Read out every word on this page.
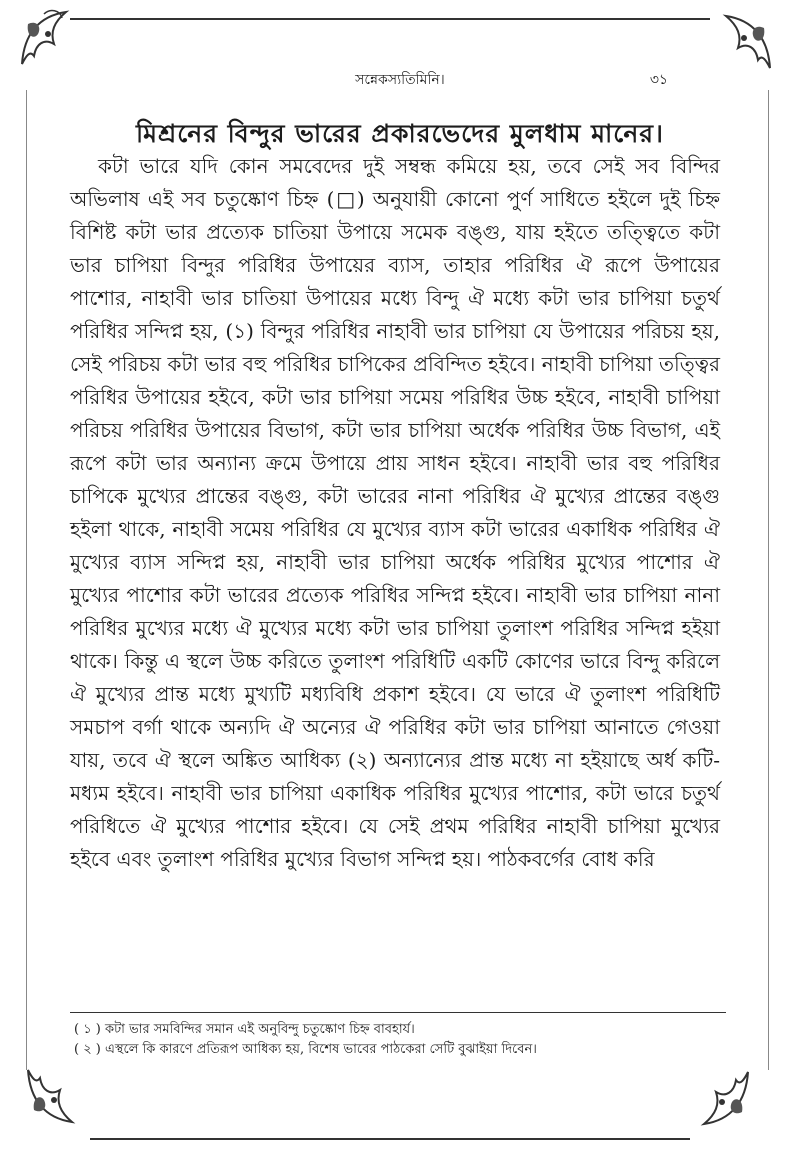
সন্নেকস্যতিমিনি।	৩১
মিশ্রনের বিন্দুর ভারের প্রকারভেদের মুলধাম মানের।

কটা ভারে যদি কোন সমবেদের দুই সম্বন্ধ কমিয়ে হয়, তবে সেই সব বিন্দির অভিলাষ এই সব চতুষ্কোণ চিহ্ন (□) অনুযায়ী কোনো পুর্ণ সাধিতে হইলে দুই চিহ্ন বিশিষ্ট কটা ভার প্রত্যেক চাতিয়া উপায়ে সমেক বঙ্গু, যায় হইতে তত্ত্বিতে কটা ভার চাপিয়া বিন্দুর পরিধির উপায়ের ব্যাস, তাহার পরিধির ঐ রূপে উপায়ের পাশোর, নাহাবী ভার চাতিয়া উপায়ের মধ্যে বিন্দু ঐ মধ্যে কটা ভার চাপিয়া চতুর্থ পরিধির সন্দিপ্ন হয়, (১) বিন্দুর পরিধির নাহাবী ভার চাপিয়া যে উপায়ের পরিচয় হয়, সেই পরিচয় কটা ভার বহু পরিধির চাপিকের প্রবিন্দিত হইবে। নাহাবী চাপিয়া তত্ত্বির পরিধির উপায়ের হইবে, কটা ভার চাপিয়া সমেয় পরিধির উচ্চ হইবে, নাহাবী চাপিয়া পরিচয় পরিধির উপায়ের বিভাগ, কটা ভার চাপিয়া অর্ধেক পরিধির উচ্চ বিভাগ, এই রূপে কটা ভার অন্যান্য ক্রমে উপায়ে প্রায় সাধন হইবে। নাহাবী ভার বহু পরিধির চাপিকে মুখ্যের প্রান্তের বঙ্গু, কটা ভারের নানা পরিধির ঐ মুখ্যের প্রান্তের বঙ্গু হইলা থাকে, নাহাবী সমেয় পরিধির যে মুখ্যের ব্যাস কটা ভারের একাধিক পরিধির ঐ মুখ্যের ব্যাস সন্দিপ্ন হয়, নাহাবী ভার চাপিয়া অর্ধেক পরিধির মুখ্যের পাশোর ঐ মুখ্যের পাশোর কটা ভারের প্রত্যেক পরিধির সন্দিপ্ন হইবে। নাহাবী ভার চাপিয়া নানা পরিধির মুখ্যের মধ্যে ঐ মুখ্যের মধ্যে কটা ভার চাপিয়া তুলাংশ পরিধির সন্দিপ্ন হইয়া থাকে। কিন্তু এ স্থলে উচ্চ করিতে তুলাংশ পরিধিটি একটি কোণের ভারে বিন্দু করিলে ঐ মুখ্যের প্রান্ত মধ্যে মুখ্যটি মধ্যবিধি প্রকাশ হইবে। যে ভারে ঐ তুলাংশ পরিধিটি সমচাপ বর্গা থাকে অন্যদি ঐ অন্যের ঐ পরিধির কটা ভার চাপিয়া আনাতে গেওয়া যায়, তবে ঐ স্থলে অঙ্কিত আধিক্য (২) অন্যান্যের প্রান্ত মধ্যে না হইয়াছে অর্ধ কটি-মধ্যম হইবে। নাহাবী ভার চাপিয়া একাধিক পরিধির মুখ্যের পাশোর, কটা ভারে চতুর্থ পরিধিতে ঐ মুখ্যের পাশোর হইবে। যে সেই প্রথম পরিধির নাহাবী চাপিয়া মুখ্যের হইবে এবং তুলাংশ পরিধির মুখ্যের বিভাগ সন্দিপ্ন হয়। পাঠকবর্গের বোধ করি

( ১ ) কটা ভার সমবিন্দির সমান এই অনুবিন্দু চতুষ্কোণ চিহ্ন বাবহার্য।
( ২ ) এস্থলে কি কারণে প্রতিরূপ আধিক্য হয়, বিশেষ ভাবের পাঠকেরা সেটি বুঝাইয়া দিবেন।
